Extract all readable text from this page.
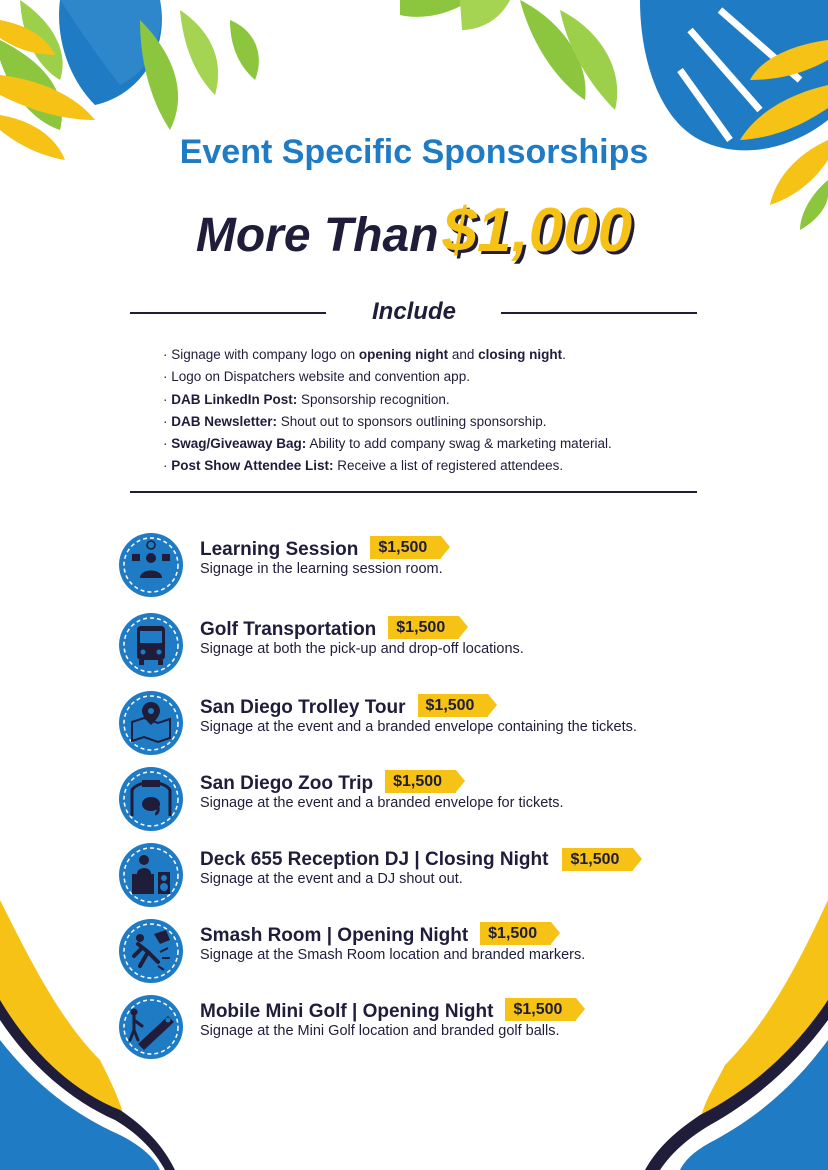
Event Specific Sponsorships
More Than$1,000
Include
· Signage with company logo on opening night and closing night.
· Logo on Dispatchers website and convention app.
· DAB LinkedIn Post: Sponsorship recognition.
· DAB Newsletter: Shout out to sponsors outlining sponsorship.
· Swag/Giveaway Bag: Ability to add company swag & marketing material.
· Post Show Attendee List: Receive a list of registered attendees.
Learning Session $1,500
Signage in the learning session room.
Golf Transportation $1,500
Signage at both the pick-up and drop-off locations.
San Diego Trolley Tour $1,500
Signage at the event and a branded envelope containing the tickets.
San Diego Zoo Trip $1,500
Signage at the event and a branded envelope for tickets.
Deck 655 Reception DJ | Closing Night $1,500
Signage at the event and a DJ shout out.
Smash Room | Opening Night $1,500
Signage at the Smash Room location and branded markers.
Mobile Mini Golf | Opening Night $1,500
Signage at the Mini Golf location and branded golf balls.
